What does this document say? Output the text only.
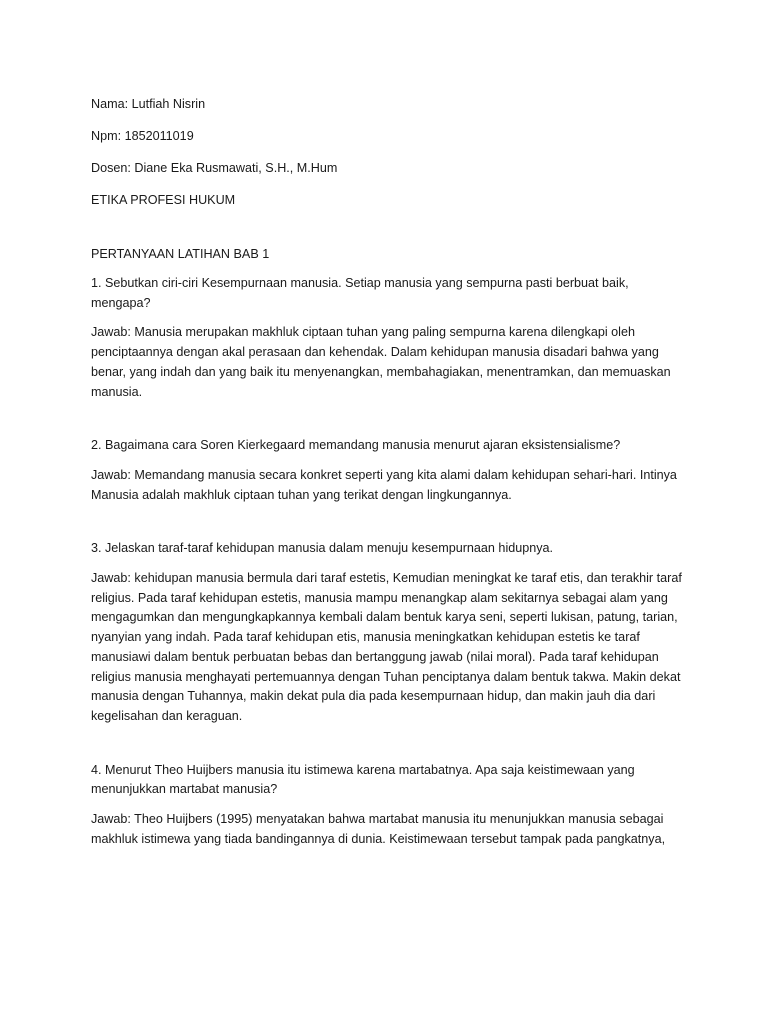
Nama: Lutfiah Nisrin

Npm: 1852011019

Dosen: Diane Eka Rusmawati, S.H., M.Hum

ETIKA PROFESI HUKUM

PERTANYAAN LATIHAN BAB 1

1. Sebutkan ciri-ciri Kesempurnaan manusia. Setiap manusia yang sempurna pasti berbuat baik, mengapa?

Jawab: Manusia merupakan makhluk ciptaan tuhan yang paling sempurna karena dilengkapi oleh penciptaannya dengan akal perasaan dan kehendak. Dalam kehidupan manusia disadari bahwa yang benar, yang indah dan yang baik itu menyenangkan, membahagiakan, menentramkan, dan memuaskan manusia.

2. Bagaimana cara Soren Kierkegaard memandang manusia menurut ajaran eksistensialisme?

Jawab: Memandang manusia secara konkret seperti yang kita alami dalam kehidupan sehari-hari. Intinya Manusia adalah makhluk ciptaan tuhan yang terikat dengan lingkungannya.

3. Jelaskan taraf-taraf kehidupan manusia dalam menuju kesempurnaan hidupnya.

Jawab: kehidupan manusia bermula dari taraf estetis, Kemudian meningkat ke taraf etis, dan terakhir taraf religius. Pada taraf kehidupan estetis, manusia mampu menangkap alam sekitarnya sebagai alam yang mengagumkan dan mengungkapkannya kembali dalam bentuk karya seni, seperti lukisan, patung, tarian, nyanyian yang indah. Pada taraf kehidupan etis, manusia meningkatkan kehidupan estetis ke taraf manusiawi dalam bentuk perbuatan bebas dan bertanggung jawab (nilai moral). Pada taraf kehidupan religius manusia menghayati pertemuannya dengan Tuhan penciptanya dalam bentuk takwa. Makin dekat manusia dengan Tuhannya, makin dekat pula dia pada kesempurnaan hidup, dan makin jauh dia dari kegelisahan dan keraguan.

4. Menurut Theo Huijbers manusia itu istimewa karena martabatnya. Apa saja keistimewaan yang menunjukkan martabat manusia?

Jawab: Theo Huijbers (1995) menyatakan bahwa martabat manusia itu menunjukkan manusia sebagai makhluk istimewa yang tiada bandingannya di dunia. Keistimewaan tersebut tampak pada pangkatnya,
